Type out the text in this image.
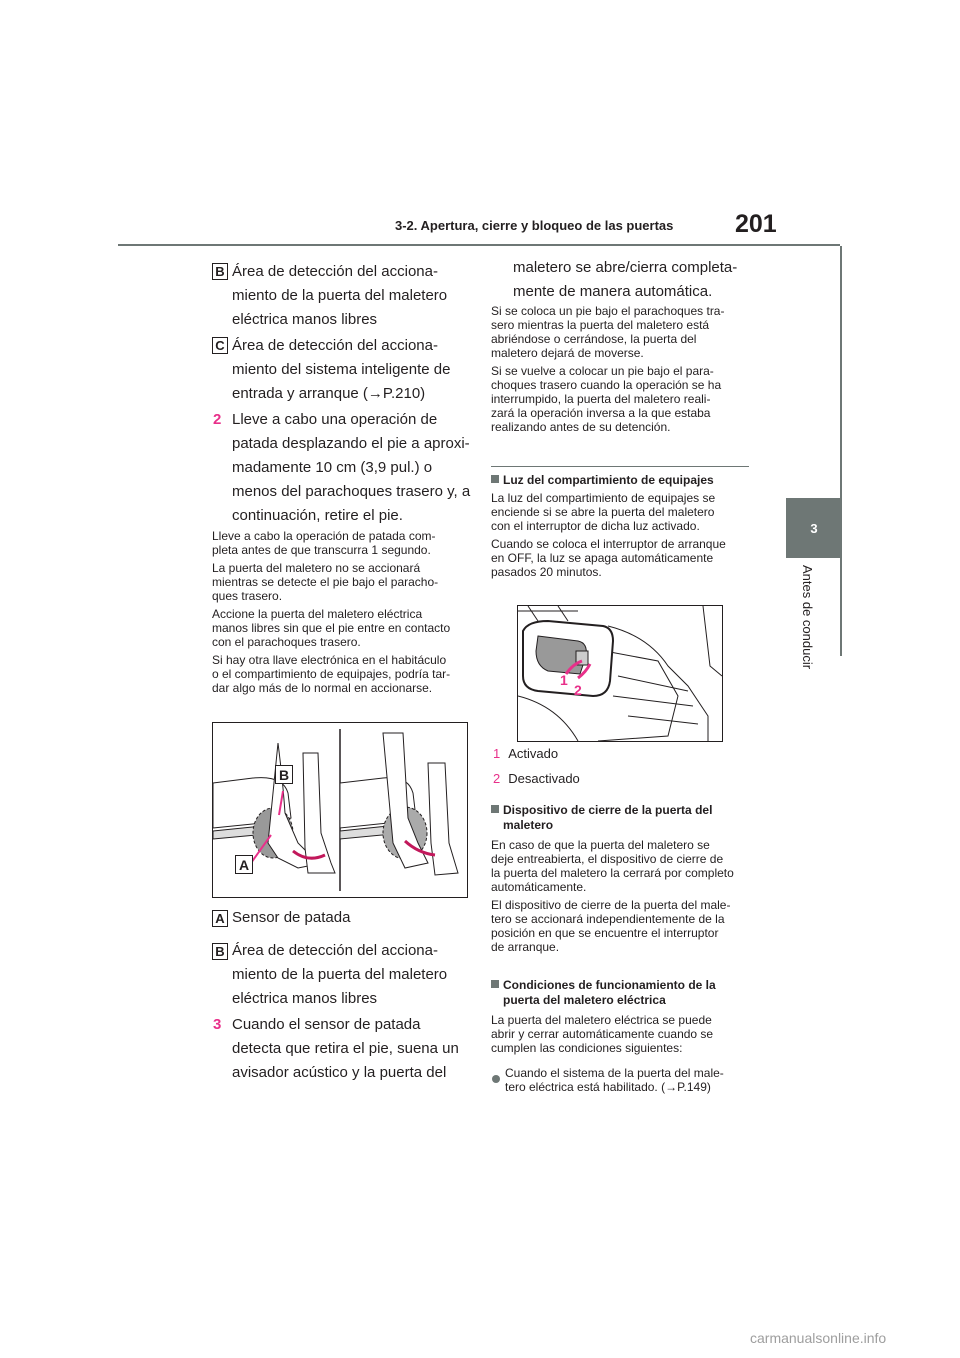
3-2. Apertura, cierre y bloqueo de las puertas 201
3
Antes de conducir
B Área de detección del acciona-

miento de la puerta del maletero

eléctrica manos libres

C Área de detección del acciona-

miento del sistema inteligente de

entrada y arranque (→P.210)

2 Lleve a cabo una operación de

patada desplazando el pie a aproxi-

madamente 10 cm (3,9 pul.) o

menos del parachoques trasero y, a

continuación, retire el pie.

Lleve a cabo la operación de patada com-

pleta antes de que transcurra 1 segundo.

La puerta del maletero no se accionará

mientras se detecte el pie bajo el paracho-

ques trasero.

Accione la puerta del maletero eléctrica

manos libres sin que el pie entre en contacto

con el parachoques trasero.

Si hay otra llave electrónica en el habitáculo

o el compartimiento de equipajes, podría tar-

dar algo más de lo normal en accionarse.

B
A
A Sensor de patada
B Área de detección del acciona-

miento de la puerta del maletero

eléctrica manos libres

3 Cuando el sensor de patada

detecta que retira el pie, suena un

avisador acústico y la puerta del

maletero se abre/cierra completa-

mente de manera automática.

Si se coloca un pie bajo el parachoques tra-

sero mientras la puerta del maletero está

abriéndose o cerrándose, la puerta del

maletero dejará de moverse.

Si se vuelve a colocar un pie bajo el para-

choques trasero cuando la operación se ha

interrumpido, la puerta del maletero reali-

zará la operación inversa a la que estaba

realizando antes de su detención.

Luz del compartimiento de equipajes

La luz del compartimiento de equipajes se

enciende si se abre la puerta del maletero

con el interruptor de dicha luz activado.

Cuando se coloca el interruptor de arranque

en OFF, la luz se apaga automáticamente

pasados 20 minutos.

1
2

1 Activado

2 Desactivado

Dispositivo de cierre de la puerta del

maletero

En caso de que la puerta del maletero se

deje entreabierta, el dispositivo de cierre de

la puerta del maletero la cerrará por completo

automáticamente.

El dispositivo de cierre de la puerta del male-

tero se accionará independientemente de la

posición en que se encuentre el interruptor

de arranque.

Condiciones de funcionamiento de la

puerta del maletero eléctrica

La puerta del maletero eléctrica se puede

abrir y cerrar automáticamente cuando se

cumplen las condiciones siguientes:

Cuando el sistema de la puerta del male-

tero eléctrica está habilitado. (→P.149)

carmanualsonline.info
